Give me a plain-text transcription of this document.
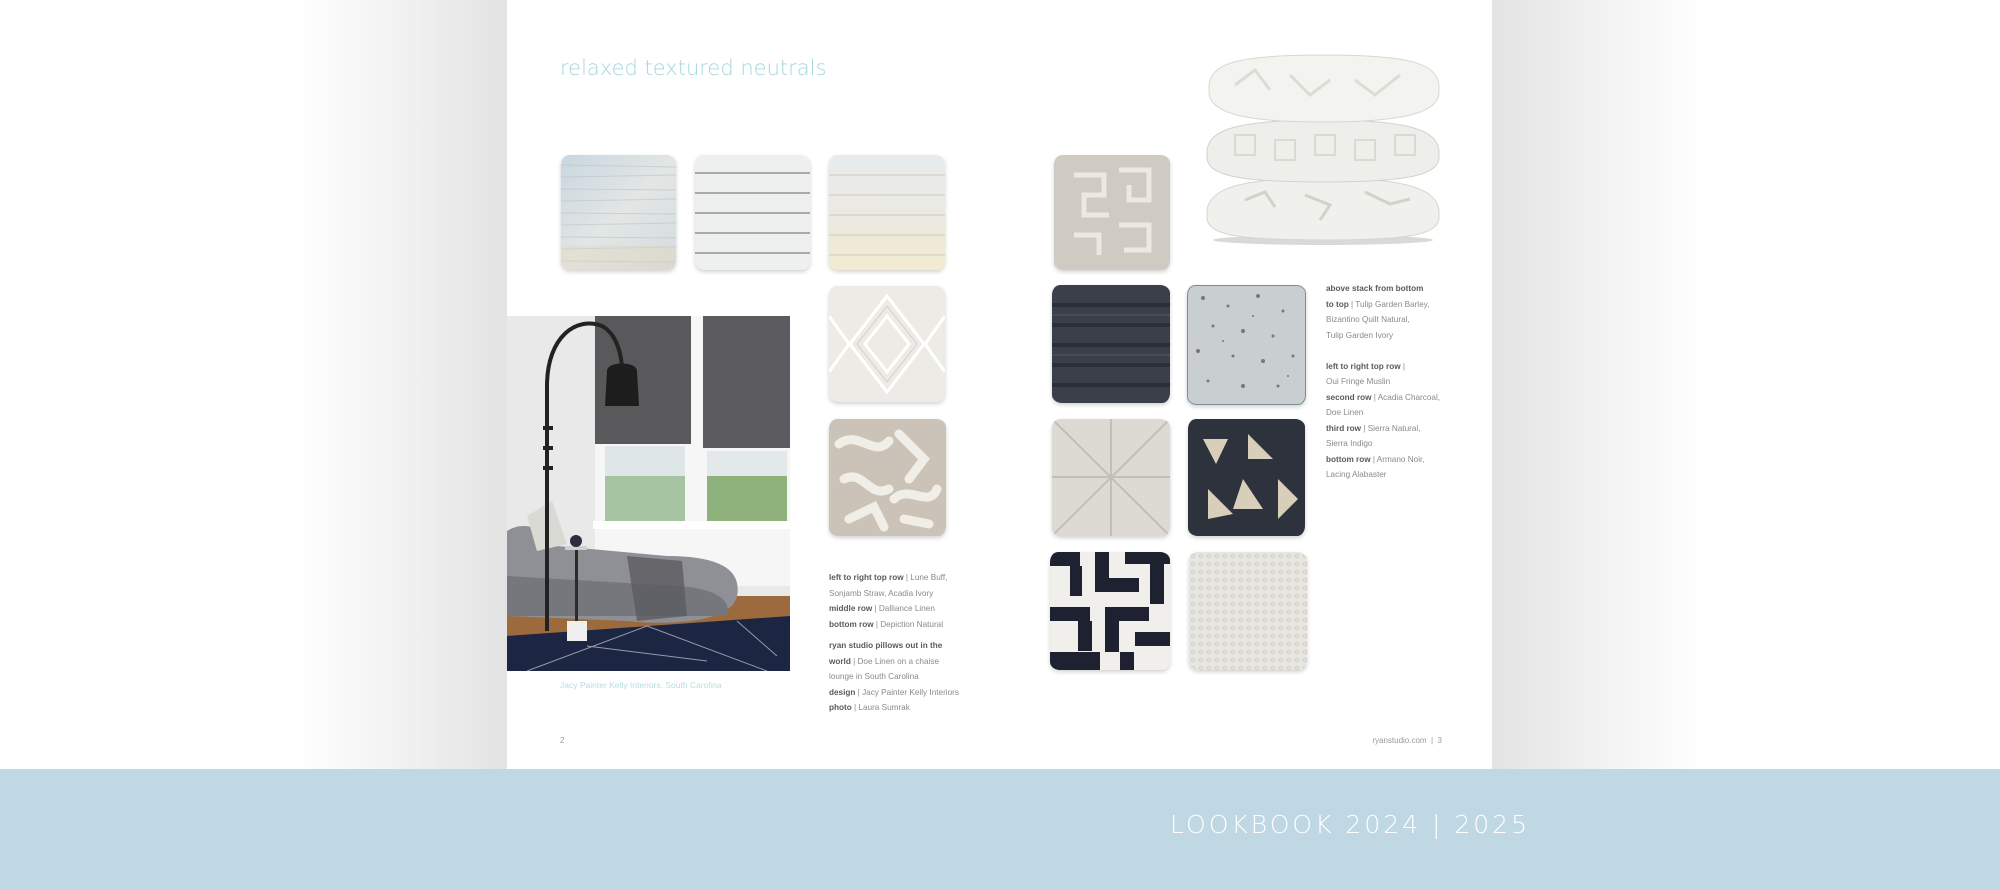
relaxed textured neutrals
Jacy Painter Kelly Interiors, South Carolina
left to right top row | Lune Buff,
Sonjamb Straw, Acadia Ivory
middle row | Dalliance Linen
bottom row | Depiction Natural
ryan studio pillows out in the
world | Doe Linen on a chaise
lounge in South Carolina
design | Jacy Painter Kelly Interiors
photo | Laura Sumrak
2
above stack from bottom
to top | Tulip Garden Barley,
Bizantino Quilt Natural,
Tulip Garden Ivory
left to right top row |
Oui Fringe Muslin
second row | Acadia Charcoal,
Doe Linen
third row | Sierra Natural,
Sierra Indigo
bottom row | Armano Noir,
Lacing Alabaster
ryanstudio.com  |  3
LOOKBOOK 2024 | 2025
